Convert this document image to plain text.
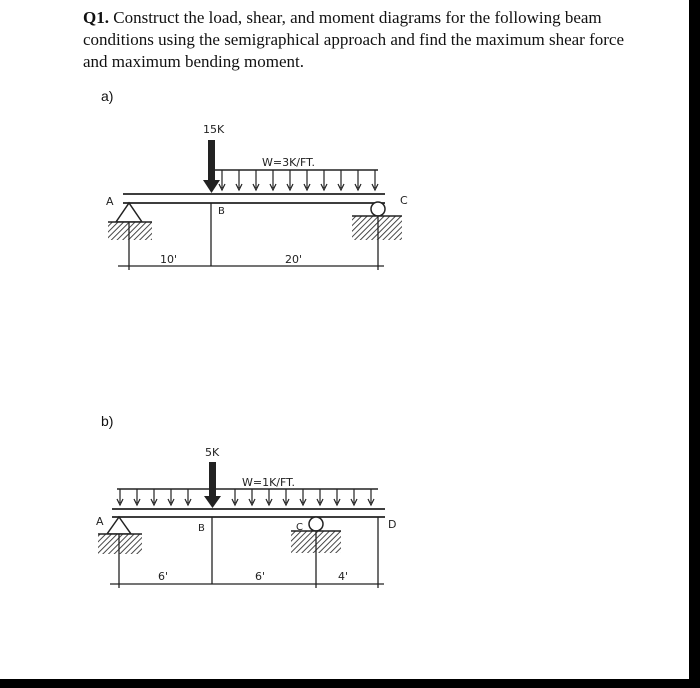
Q1. Construct the load, shear, and moment diagrams for the following beam conditions using the semigraphical approach and find the maximum shear force and maximum bending moment.

a)
b)
W=3K/FT.
15K
A	C
B
10'	20'
W=1K/FT.
5K
A	C	D
B
6'	6'	4'
